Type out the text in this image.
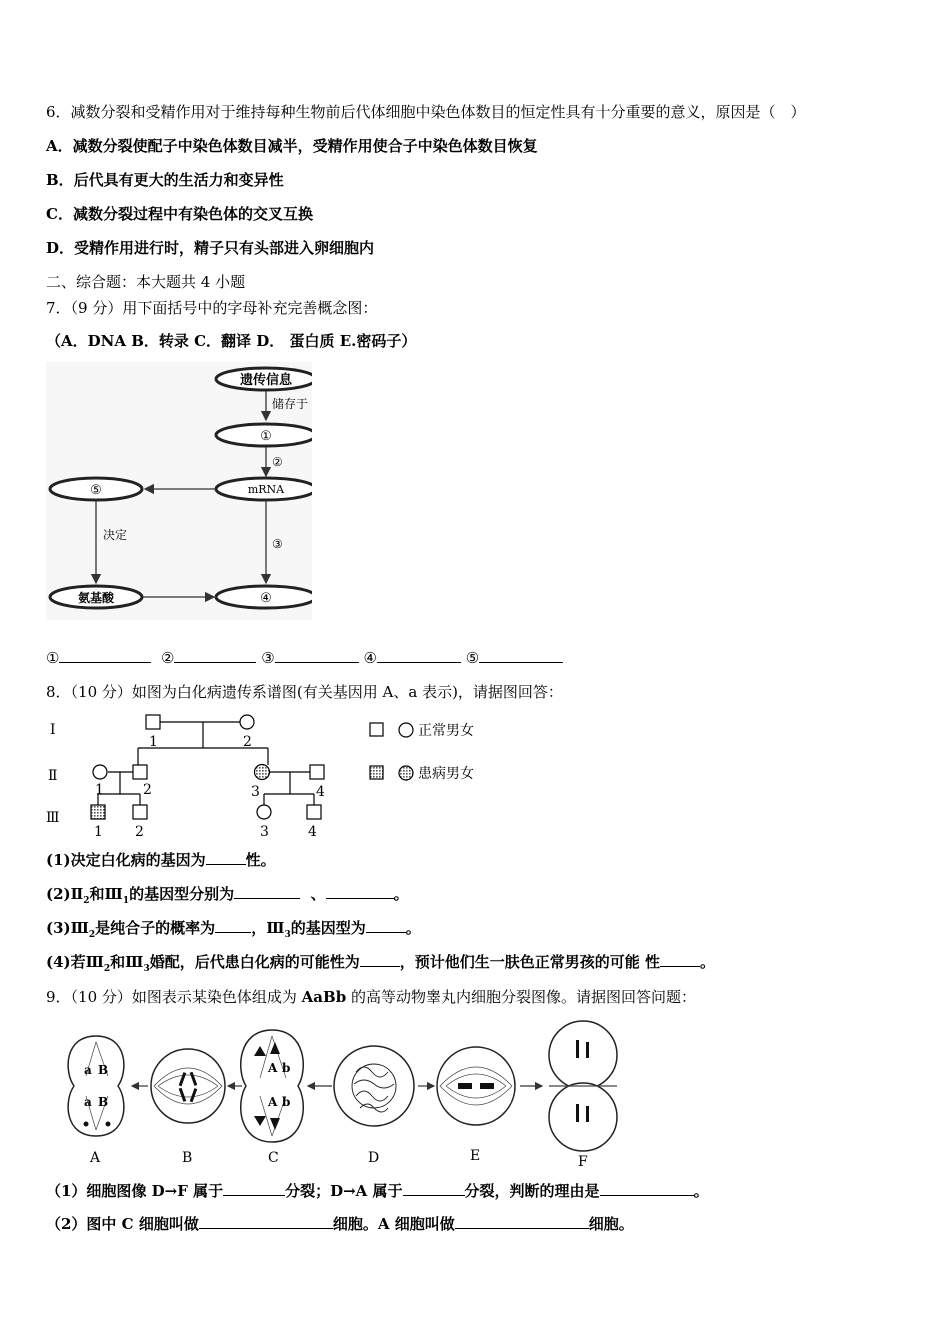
6．减数分裂和受精作用对于维持每种生物前后代体细胞中染色体数目的恒定性具有十分重要的意义，原因是（　）
A．减数分裂使配子中染色体数目减半，受精作用使合子中染色体数目恢复
B．后代具有更大的生活力和变异性
C．减数分裂过程中有染色体的交叉互换
D．受精作用进行时，精子只有头部进入卵细胞内
二、综合题：本大题共 4 小题
7．（9 分）用下面括号中的字母补充完善概念图：
（A．DNA B．转录 C．翻译 D． 蛋白质 E.密码子）
遗传信息
储存于
①
②
mRNA
⑤
决定
③
氨基酸	④
①	②	③	④	⑤
8．（10 分）如图为白化病遗传系谱图(有关基因用 A、a 表示)，请据图回答：
Ⅰ
Ⅱ
Ⅲ
1	2
1	2	3	4
1 2	3	4
正常男女
患病男女
(1)决定白化病的基因为	性。
$(2)Ⅱ_2$和$Ⅲ_1$的基因型分别为	、	。
$(3)Ⅲ_2$是纯合子的概率为 ，$Ⅲ_3$的基因型为	。
(4)若$Ⅲ_2$和$Ⅲ_3$婚配，后代患白化病的可能性为	，预计他们生一肤色正常男孩的可能 性	。
9．（10 分）如图表示某染色体组成为 AaBb 的高等动物睾丸内细胞分裂图像。请据图回答问题：
a B
a B
A b
A b
A	B	C	D	E	F
（1）细胞图像 D→F 属于	分裂；D→A 属于	分裂，判断的理由是	。
（2）图中 C 细胞叫做	细胞。A 细胞叫做	细胞。
